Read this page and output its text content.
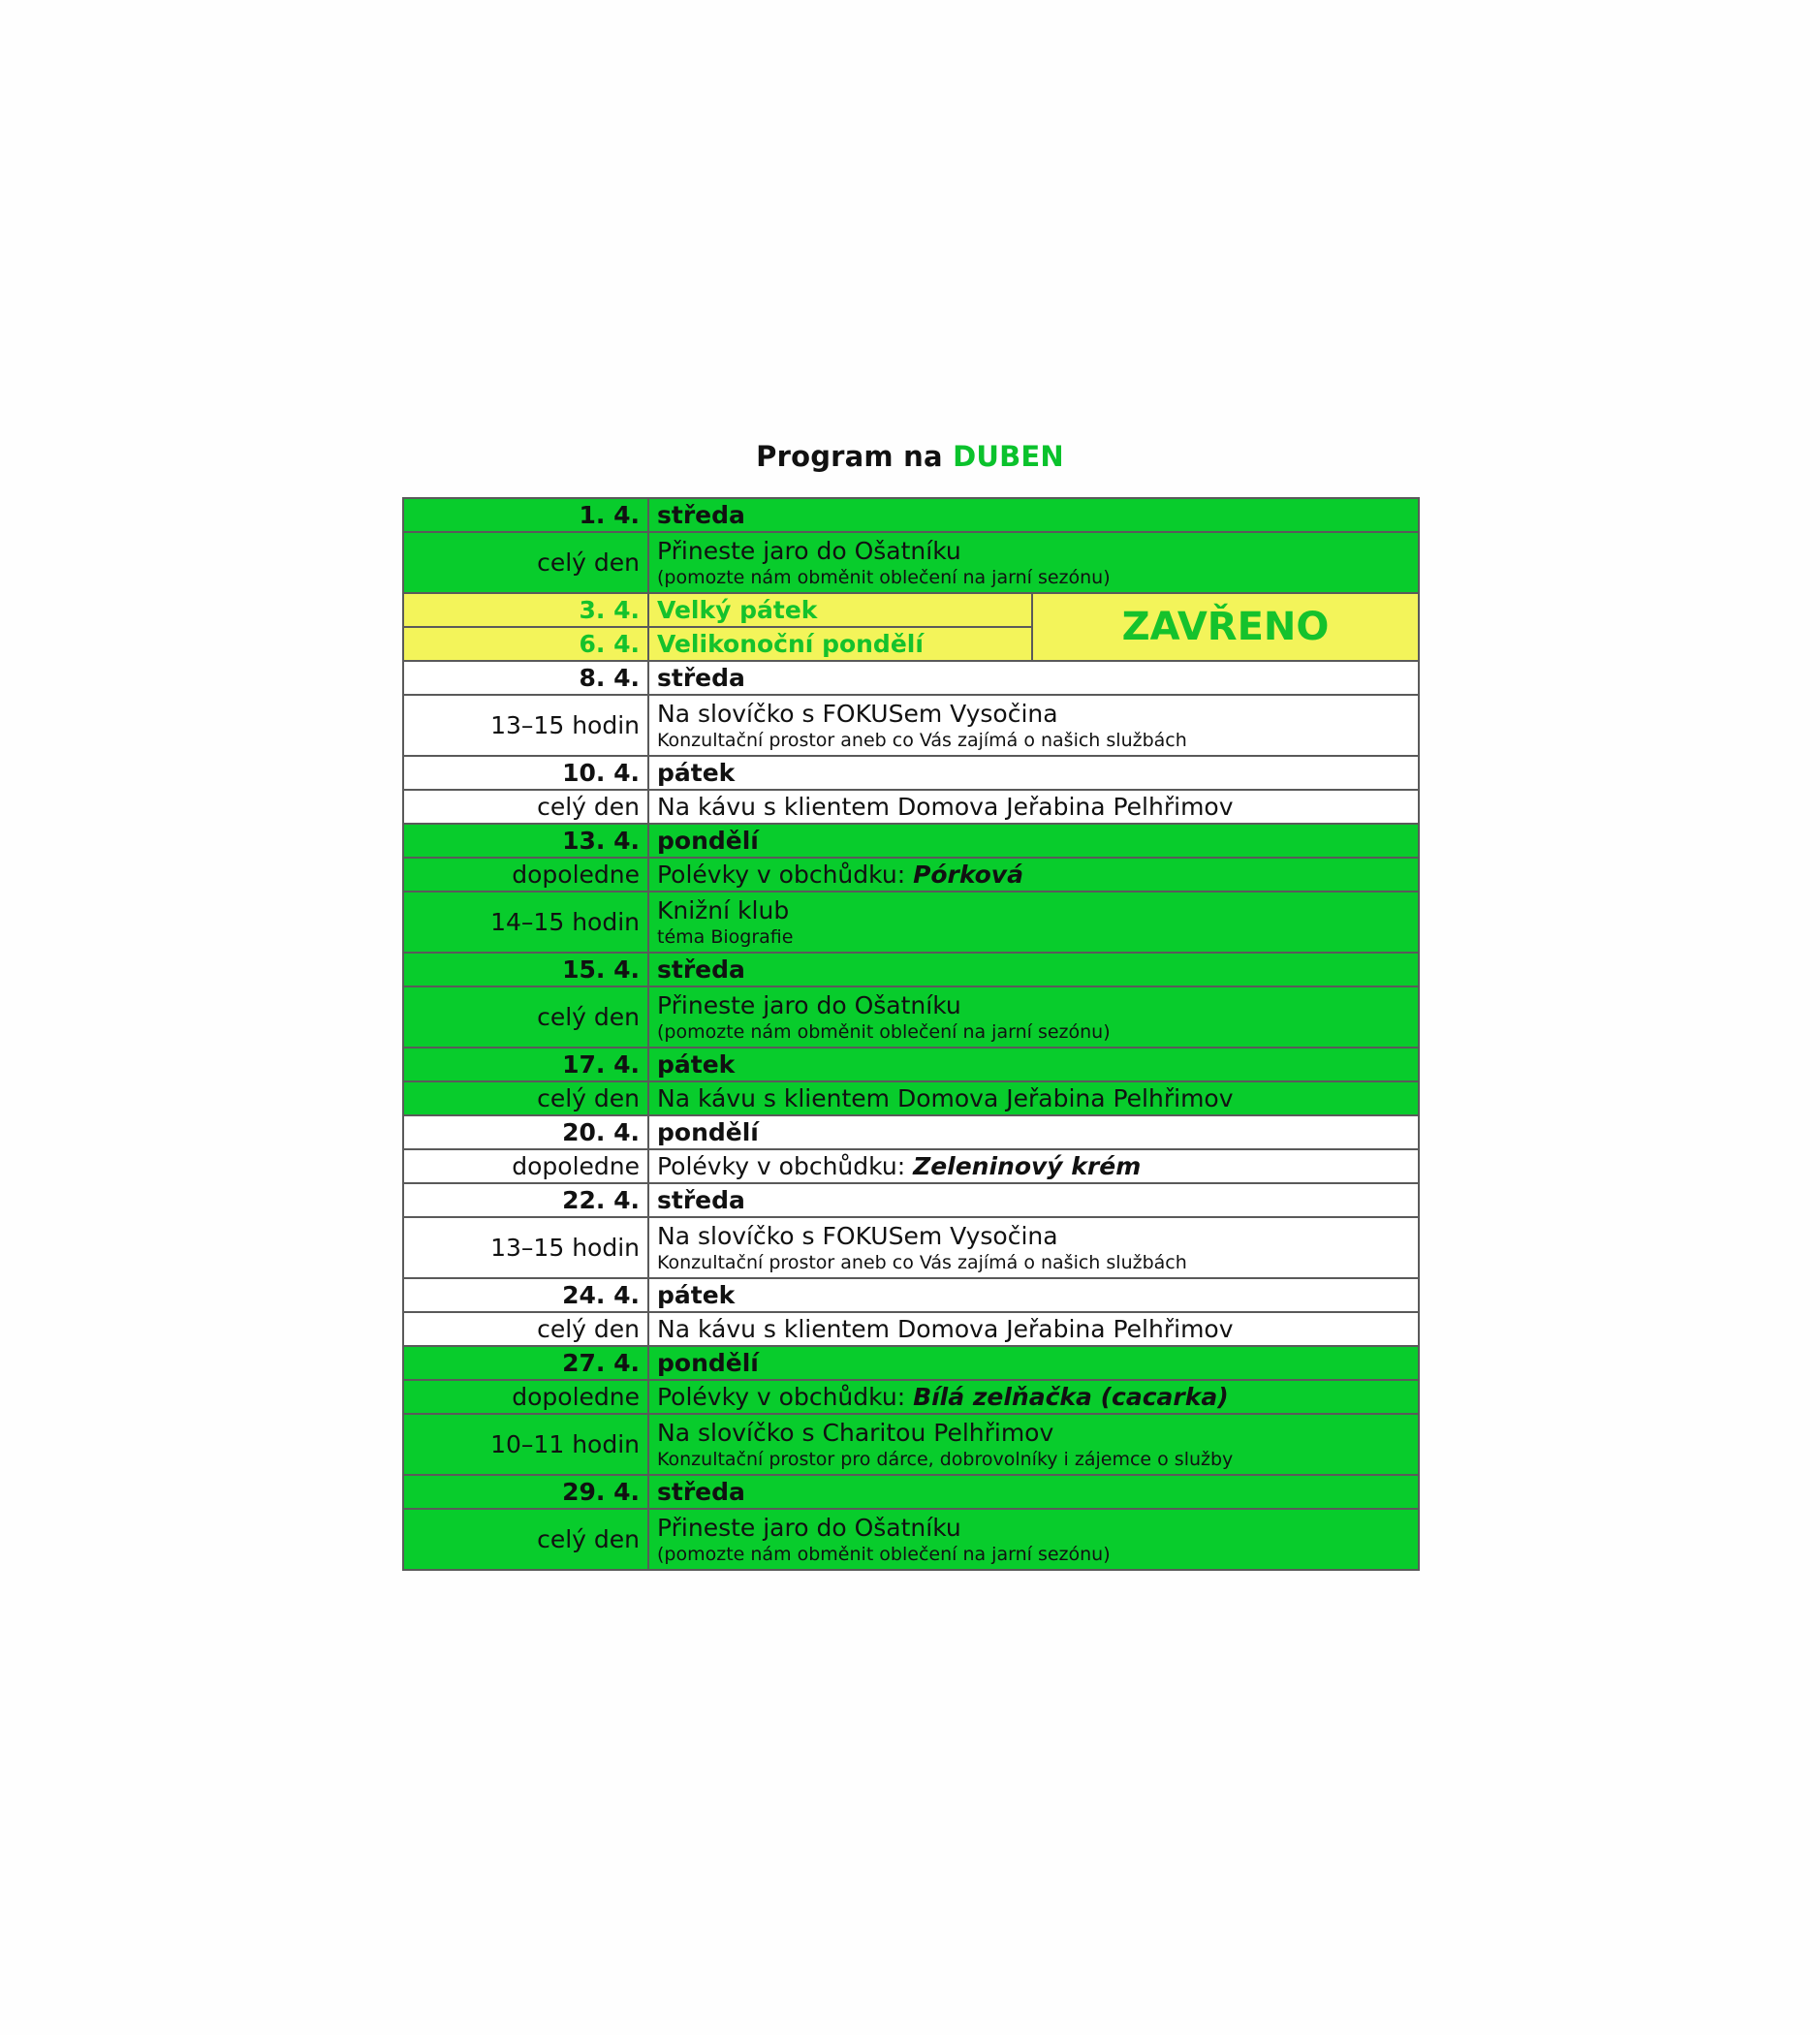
Program na DUBEN
1. 4.	středa	
celý den	Přineste jaro do Ošatníku
(pomozte nám obměnit oblečení na jarní sezónu)	

3. 4.	Velký pátek	ZAVŘENO
6. 4.	Velikonoční pondělí	
8. 4.	středa	
13–15 hodin	Na slovíčko s FOKUSem Vysočina
Konzultační prostor aneb co Vás zajímá o našich službách	

10. 4.	pátek	
celý den	Na kávu s klientem Domova Jeřabina Pelhřimov	
13. 4.	pondělí	
dopoledne	Polévky v obchůdku: Pórková	
14–15 hodin	Knižní klub
téma Biografie	

15. 4.	středa	
celý den	Přineste jaro do Ošatníku
(pomozte nám obměnit oblečení na jarní sezónu)	

17. 4.	pátek	
celý den	Na kávu s klientem Domova Jeřabina Pelhřimov	
20. 4.	pondělí	
dopoledne	Polévky v obchůdku: Zeleninový krém	
22. 4.	středa	
13–15 hodin	Na slovíčko s FOKUSem Vysočina
Konzultační prostor aneb co Vás zajímá o našich službách	

24. 4.	pátek	
celý den	Na kávu s klientem Domova Jeřabina Pelhřimov	
27. 4.	pondělí	
dopoledne	Polévky v obchůdku: Bílá zelňačka (cacarka)	
10–11 hodin	Na slovíčko s Charitou Pelhřimov
Konzultační prostor pro dárce, dobrovolníky i zájemce o služby	

29. 4.	středa	
celý den	Přineste jaro do Ošatníku
(pomozte nám obměnit oblečení na jarní sezónu)	
